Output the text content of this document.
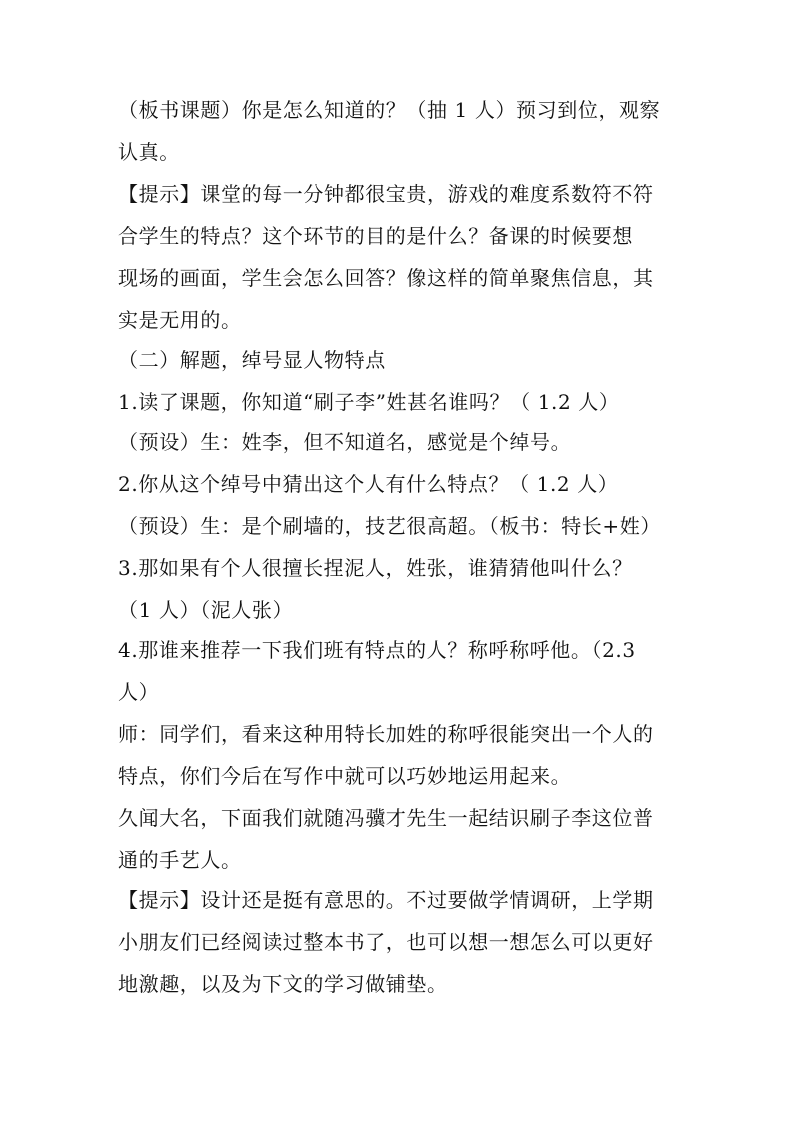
（板书课题）你是怎么知道的？（抽 1 人）预习到位，观察
认真。
【提示】课堂的每一分钟都很宝贵，游戏的难度系数符不符
合学生的特点？这个环节的目的是什么？备课的时候要想
现场的画面，学生会怎么回答？像这样的简单聚焦信息，其
实是无用的。
（二）解题，绰号显人物特点
1.读了课题，你知道“刷子李”姓甚名谁吗？（ 1.2 人）
（预设）生：姓李，但不知道名，感觉是个绰号。
2.你从这个绰号中猜出这个人有什么特点？（ 1.2 人）
（预设）生：是个刷墙的，技艺很高超。（板书：特长+姓）
3.那如果有个人很擅长捏泥人，姓张，谁猜猜他叫什么？
（1 人）（泥人张）
4.那谁来推荐一下我们班有特点的人？称呼称呼他。（2.3
人）
师：同学们，看来这种用特长加姓的称呼很能突出一个人的
特点，你们今后在写作中就可以巧妙地运用起来。
久闻大名，下面我们就随冯骥才先生一起结识刷子李这位普
通的手艺人。
【提示】设计还是挺有意思的。不过要做学情调研，上学期
小朋友们已经阅读过整本书了，也可以想一想怎么可以更好
地激趣，以及为下文的学习做铺垫。
